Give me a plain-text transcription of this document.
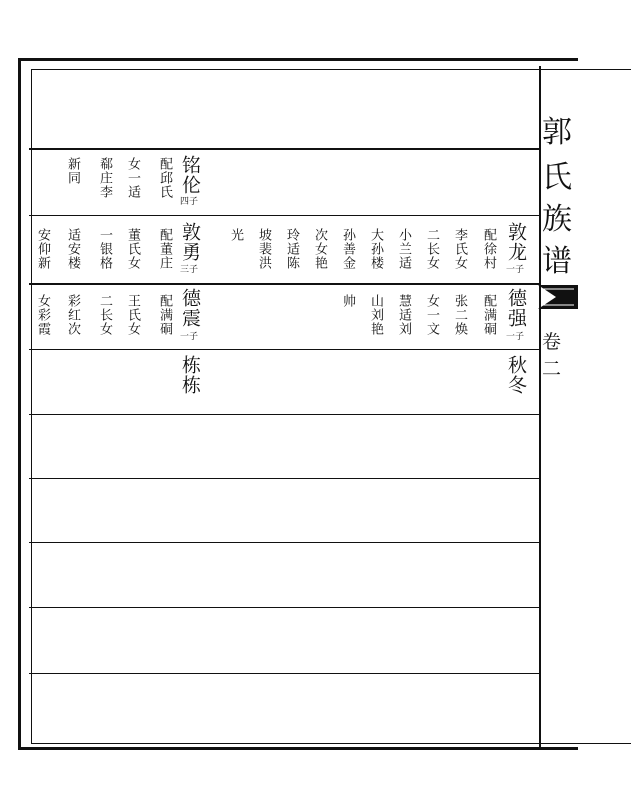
郭
氏
族
谱
卷
二
铭伦
四子
配邱氏
女一适
郗庄李
新同
敦龙
一子
配徐村
李氏女
二长女
小兰适
大孙楼
孙善金
次女艳
玲适陈
坡裴洪
光
敦勇
三子
配董庄
董氏女
一银格
适安楼
安仰新
德强
一子
配满硐
张二焕
女一文
慧适刘
山刘艳
帅
德震
一子
配满硐
王氏女
二长女
彩红次
女彩霞
秋冬
栋栋
